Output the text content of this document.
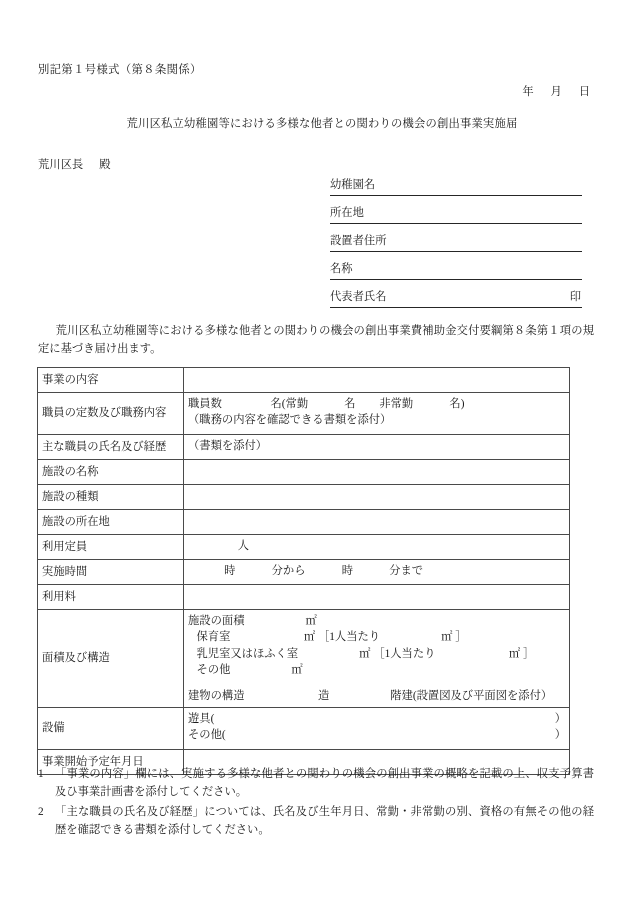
別記第１号様式（第８条関係）
年 月 日
荒川区私立幼稚園等における多様な他者との関わりの機会の創出事業実施届
荒川区長 殿
幼稚園名
所在地
設置者住所
名称
代表者氏名	印
荒川区私立幼稚園等における多様な他者との関わりの機会の創出事業費補助金交付要綱第８条第１項の規定に基づき届け出ます。
事業の内容	
職員の定数及び職務内容	職員数 名(常勤 名 非常勤 名)
（職務の内容を確認できる書類を添付）

主な職員の氏名及び経歴	（書類を添付）
施設の名称	
施設の種類	
施設の所在地	
利用定員	人
実施時間	時 分から 時 分まで
利用料	
面積及び構造	施設の面積 ㎡
保育室 ㎡ ［1人当たり ㎡ ］
乳児室又はほふく室 ㎡ ［1人当たり ㎡ ］
その他 ㎡
建物の構造 造 階建(設置図及び平面図を添付）

設備	遊具( ）
その他( ）

事業開始予定年月日	
1	「事業の内容」欄には、実施する多様な他者との関わりの機会の創出事業の概略を記載の上、収支予算書及ひ事業計画書を添付してください。
2	「主な職員の氏名及び経歴」については、氏名及び生年月日、常勤・非常勤の別、資格の有無その他の経歴を確認できる書類を添付してください。
